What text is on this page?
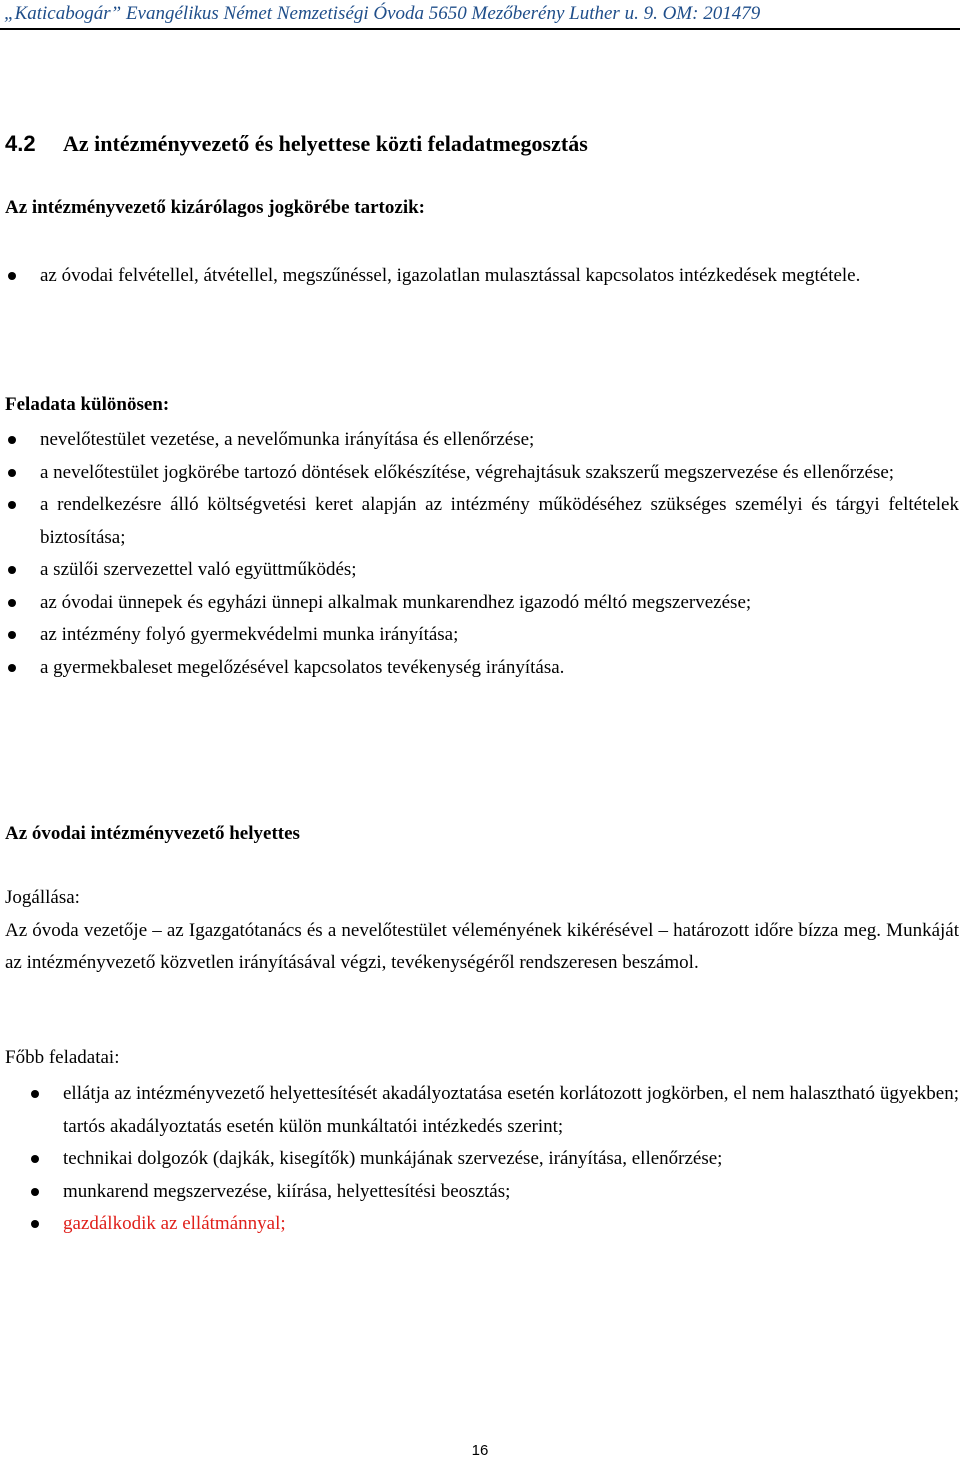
„Katicabogár” Evangélikus Német Nemzetiségi Óvoda 5650 Mezőberény Luther u. 9. OM: 201479
4.2 Az intézményvezető és helyettese közti feladatmegosztás
Az intézményvezető kizárólagos jogkörébe tartozik:
az óvodai felvétellel, átvétellel, megszűnéssel, igazolatlan mulasztással kapcsolatos intézkedések megtétele.
Feladata különösen:
nevelőtestület vezetése, a nevelőmunka irányítása és ellenőrzése;
a nevelőtestület jogkörébe tartozó döntések előkészítése, végrehajtásuk szakszerű megszervezése és ellenőrzése;
a rendelkezésre álló költségvetési keret alapján az intézmény működéséhez szükséges személyi és tárgyi feltételek biztosítása;
a szülői szervezettel való együttműködés;
az óvodai ünnepek és egyházi ünnepi alkalmak munkarendhez igazodó méltó megszervezése;
az intézmény folyó gyermekvédelmi munka irányítása;
a gyermekbaleset megelőzésével kapcsolatos tevékenység irányítása.
Az óvodai intézményvezető helyettes
Jogállása:
Az óvoda vezetője – az Igazgatótanács és a nevelőtestület véleményének kikérésével – határozott időre bízza meg. Munkáját az intézményvezető közvetlen irányításával végzi, tevékenységéről rendszeresen beszámol.
Főbb feladatai:
ellátja az intézményvezető helyettesítését akadályoztatása esetén korlátozott jogkörben, el nem halasztható ügyekben; tartós akadályoztatás esetén külön munkáltatói intézkedés szerint;
technikai dolgozók (dajkák, kisegítők) munkájának szervezése, irányítása, ellenőrzése;
munkarend megszervezése, kiírása, helyettesítési beosztás;
gazdálkodik az ellátmánnyal;
16
